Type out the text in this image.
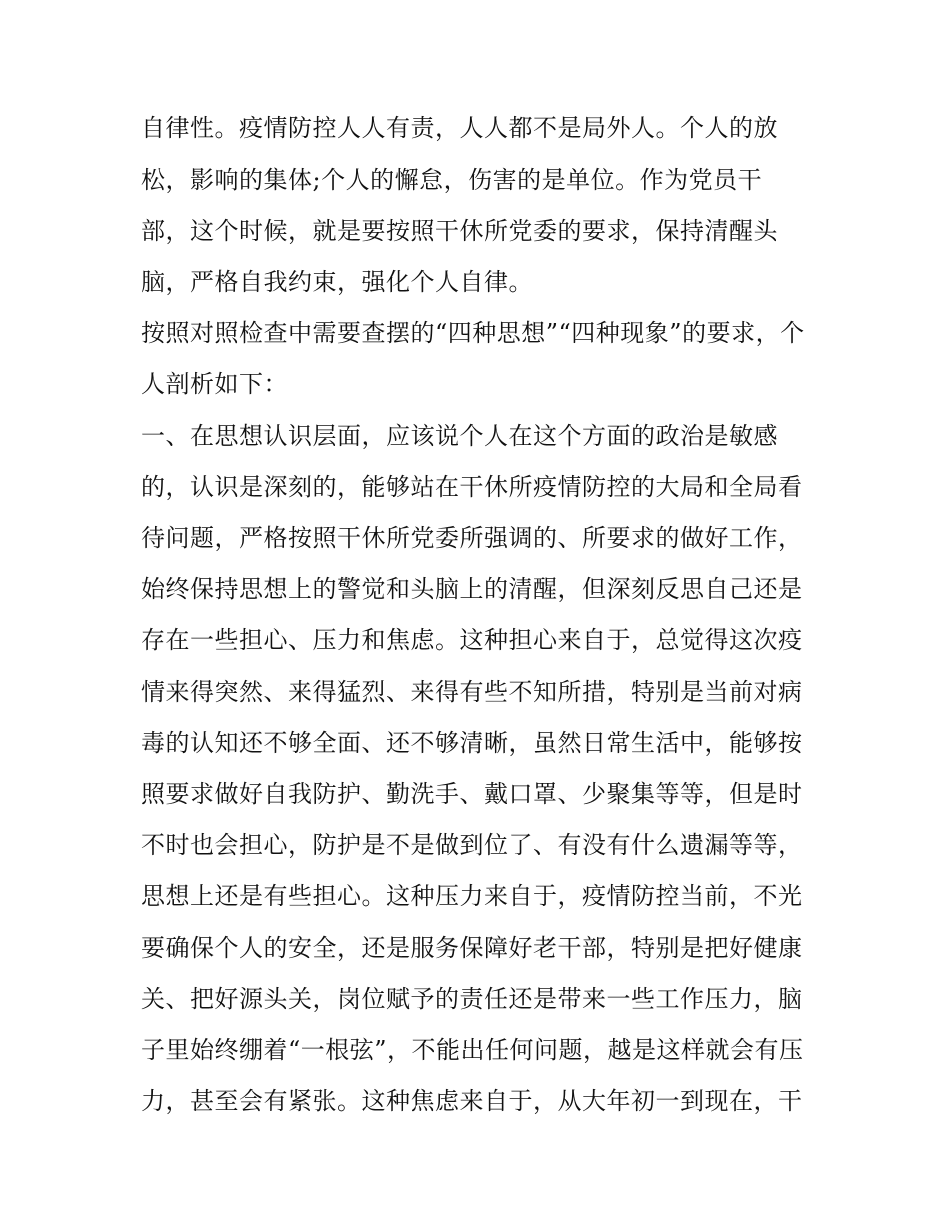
自律性。疫情防控人人有责，人人都不是局外人。个人的放
松，影响的集体;个人的懈怠，伤害的是单位。作为党员干
部，这个时候，就是要按照干休所党委的要求，保持清醒头
脑，严格自我约束，强化个人自律。
按照对照检查中需要查摆的“四种思想”“四种现象”的要求，个
人剖析如下：
一、在思想认识层面，应该说个人在这个方面的政治是敏感
的，认识是深刻的，能够站在干休所疫情防控的大局和全局看
待问题，严格按照干休所党委所强调的、所要求的做好工作，
始终保持思想上的警觉和头脑上的清醒，但深刻反思自己还是
存在一些担心、压力和焦虑。这种担心来自于，总觉得这次疫
情来得突然、来得猛烈、来得有些不知所措，特别是当前对病
毒的认知还不够全面、还不够清晰，虽然日常生活中，能够按
照要求做好自我防护、勤洗手、戴口罩、少聚集等等，但是时
不时也会担心，防护是不是做到位了、有没有什么遗漏等等，
思想上还是有些担心。这种压力来自于，疫情防控当前，不光
要确保个人的安全，还是服务保障好老干部，特别是把好健康
关、把好源头关，岗位赋予的责任还是带来一些工作压力，脑
子里始终绷着“一根弦”，不能出任何问题，越是这样就会有压
力，甚至会有紧张。这种焦虑来自于，从大年初一到现在，干
